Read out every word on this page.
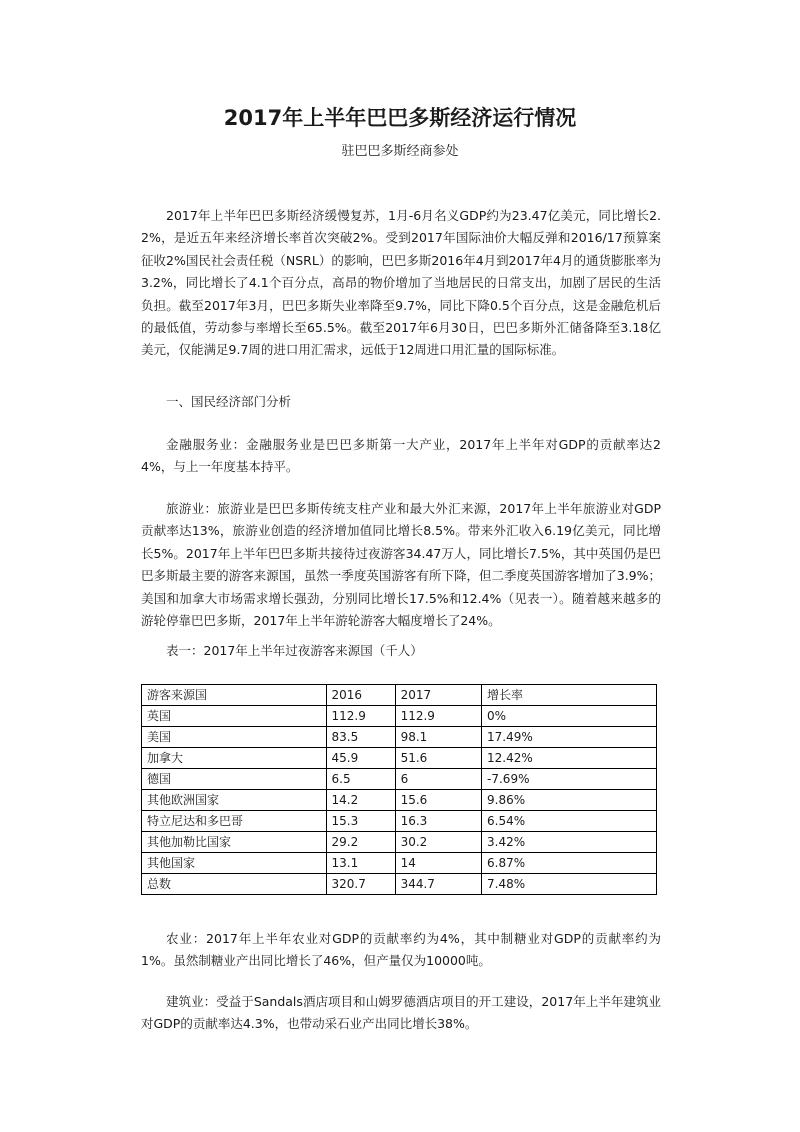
2017年上半年巴巴多斯经济运行情况
驻巴巴多斯经商参处

2017年上半年巴巴多斯经济缓慢复苏，1月-6月名义GDP约为23.47亿美元，同比增长2.2%，是近五年来经济增长率首次突破2%。受到2017年国际油价大幅反弹和2016/17预算案征收2%国民社会责任税（NSRL）的影响，巴巴多斯2016年4月到2017年4月的通货膨胀率为3.2%，同比增长了4.1个百分点，高昂的物价增加了当地居民的日常支出，加剧了居民的生活负担。截至2017年3月，巴巴多斯失业率降至9.7%，同比下降0.5个百分点，这是金融危机后的最低值，劳动参与率增长至65.5%。截至2017年6月30日，巴巴多斯外汇储备降至3.18亿美元，仅能满足9.7周的进口用汇需求，远低于12周进口用汇量的国际标准。

一、国民经济部门分析

金融服务业：金融服务业是巴巴多斯第一大产业，2017年上半年对GDP的贡献率达24%，与上一年度基本持平。

旅游业：旅游业是巴巴多斯传统支柱产业和最大外汇来源，2017年上半年旅游业对GDP贡献率达13%，旅游业创造的经济增加值同比增长8.5%。带来外汇收入6.19亿美元，同比增长5%。2017年上半年巴巴多斯共接待过夜游客34.47万人，同比增长7.5%，其中英国仍是巴巴多斯最主要的游客来源国，虽然一季度英国游客有所下降，但二季度英国游客增加了3.9%；美国和加拿大市场需求增长强劲，分别同比增长17.5%和12.4%（见表一）。随着越来越多的游轮停靠巴巴多斯，2017年上半年游轮游客大幅度增长了24%。

表一：2017年上半年过夜游客来源国（千人）

游客来源国	2016	2017	增长率
英国	112.9	112.9	0%
美国	83.5	98.1	17.49%
加拿大	45.9	51.6	12.42%
德国	6.5	6	-7.69%
其他欧洲国家	14.2	15.6	9.86%
特立尼达和多巴哥	15.3	16.3	6.54%
其他加勒比国家	29.2	30.2	3.42%
其他国家	13.1	14	6.87%
总数	320.7	344.7	7.48%

农业：2017年上半年农业对GDP的贡献率约为4%，其中制糖业对GDP的贡献率约为1%。虽然制糖业产出同比增长了46%，但产量仅为10000吨。

建筑业：受益于Sandals酒店项目和山姆罗德酒店项目的开工建设，2017年上半年建筑业对GDP的贡献率达4.3%，也带动采石业产出同比增长38%。
